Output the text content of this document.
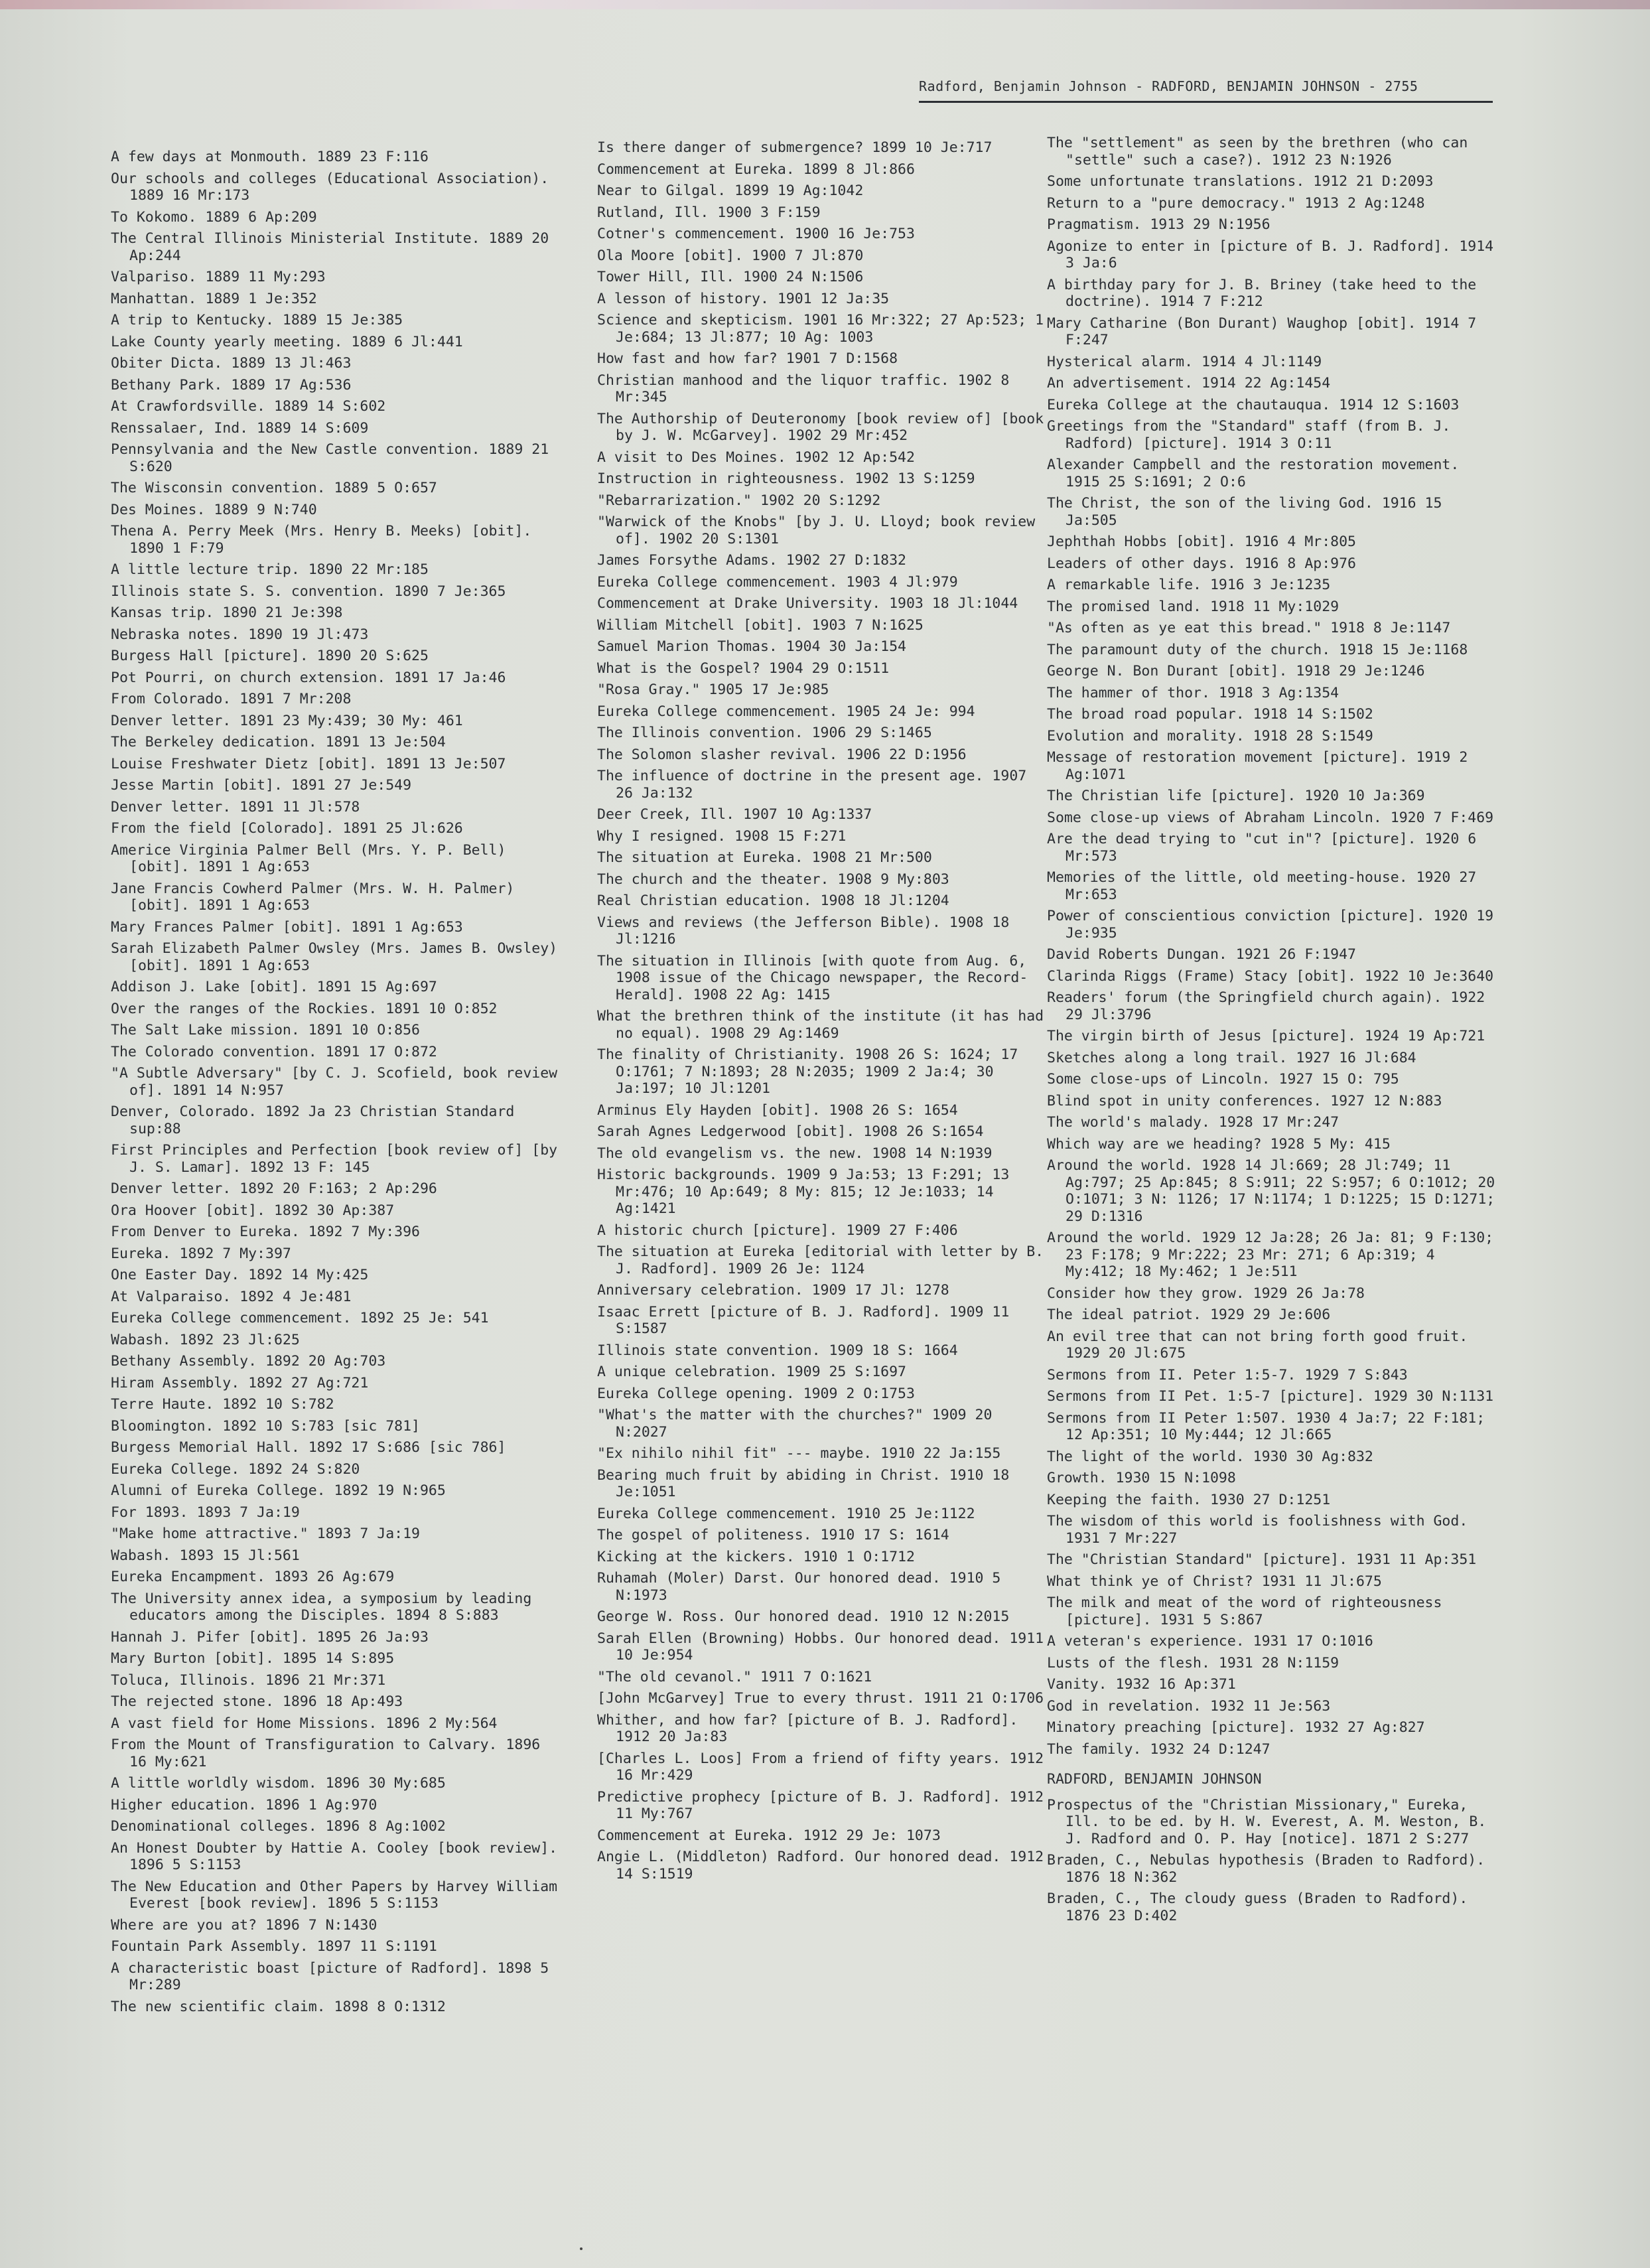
Radford, Benjamin Johnson - RADFORD, BENJAMIN JOHNSON - 2755
A few days at Monmouth. 1889 23 F:116
Our schools and colleges (Educational Association). 1889 16 Mr:173
To Kokomo. 1889 6 Ap:209
The Central Illinois Ministerial Institute. 1889 20 Ap:244
Valpariso. 1889 11 My:293
Manhattan. 1889 1 Je:352
A trip to Kentucky. 1889 15 Je:385
Lake County yearly meeting. 1889 6 Jl:441
Obiter Dicta. 1889 13 Jl:463
Bethany Park. 1889 17 Ag:536
At Crawfordsville. 1889 14 S:602
Renssalaer, Ind. 1889 14 S:609
Pennsylvania and the New Castle convention. 1889 21 S:620
The Wisconsin convention. 1889 5 O:657
Des Moines. 1889 9 N:740
Thena A. Perry Meek (Mrs. Henry B. Meeks) [obit]. 1890 1 F:79
A little lecture trip. 1890 22 Mr:185
Illinois state S. S. convention. 1890 7 Je:365
Kansas trip. 1890 21 Je:398
Nebraska notes. 1890 19 Jl:473
Burgess Hall [picture]. 1890 20 S:625
Pot Pourri, on church extension. 1891 17 Ja:46
From Colorado. 1891 7 Mr:208
Denver letter. 1891 23 My:439; 30 My: 461
The Berkeley dedication. 1891 13 Je:504
Louise Freshwater Dietz [obit]. 1891 13 Je:507
Jesse Martin [obit]. 1891 27 Je:549
Denver letter. 1891 11 Jl:578
From the field [Colorado]. 1891 25 Jl:626
Americe Virginia Palmer Bell (Mrs. Y. P. Bell) [obit]. 1891 1 Ag:653
Jane Francis Cowherd Palmer (Mrs. W. H. Palmer) [obit]. 1891 1 Ag:653
Mary Frances Palmer [obit]. 1891 1 Ag:653
Sarah Elizabeth Palmer Owsley (Mrs. James B. Owsley) [obit]. 1891 1 Ag:653
Addison J. Lake [obit]. 1891 15 Ag:697
Over the ranges of the Rockies. 1891 10 O:852
The Salt Lake mission. 1891 10 O:856
The Colorado convention. 1891 17 O:872
"A Subtle Adversary" [by C. J. Scofield, book review of]. 1891 14 N:957
Denver, Colorado. 1892 Ja 23 Christian Standard sup:88
First Principles and Perfection [book review of] [by J. S. Lamar]. 1892 13 F: 145
Denver letter. 1892 20 F:163; 2 Ap:296
Ora Hoover [obit]. 1892 30 Ap:387
From Denver to Eureka. 1892 7 My:396
Eureka. 1892 7 My:397
One Easter Day. 1892 14 My:425
At Valparaiso. 1892 4 Je:481
Eureka College commencement. 1892 25 Je: 541
Wabash. 1892 23 Jl:625
Bethany Assembly. 1892 20 Ag:703
Hiram Assembly. 1892 27 Ag:721
Terre Haute. 1892 10 S:782
Bloomington. 1892 10 S:783 [sic 781]
Burgess Memorial Hall. 1892 17 S:686 [sic 786]
Eureka College. 1892 24 S:820
Alumni of Eureka College. 1892 19 N:965
For 1893. 1893 7 Ja:19
"Make home attractive." 1893 7 Ja:19
Wabash. 1893 15 Jl:561
Eureka Encampment. 1893 26 Ag:679
The University annex idea, a symposium by leading educators among the Disciples. 1894 8 S:883
Hannah J. Pifer [obit]. 1895 26 Ja:93
Mary Burton [obit]. 1895 14 S:895
Toluca, Illinois. 1896 21 Mr:371
The rejected stone. 1896 18 Ap:493
A vast field for Home Missions. 1896 2 My:564
From the Mount of Transfiguration to Calvary. 1896 16 My:621
A little worldly wisdom. 1896 30 My:685
Higher education. 1896 1 Ag:970
Denominational colleges. 1896 8 Ag:1002
An Honest Doubter by Hattie A. Cooley [book review]. 1896 5 S:1153
The New Education and Other Papers by Harvey William Everest [book review]. 1896 5 S:1153
Where are you at? 1896 7 N:1430
Fountain Park Assembly. 1897 11 S:1191
A characteristic boast [picture of Radford]. 1898 5 Mr:289
The new scientific claim. 1898 8 O:1312
Is there danger of submergence? 1899 10 Je:717
Commencement at Eureka. 1899 8 Jl:866
Near to Gilgal. 1899 19 Ag:1042
Rutland, Ill. 1900 3 F:159
Cotner's commencement. 1900 16 Je:753
Ola Moore [obit]. 1900 7 Jl:870
Tower Hill, Ill. 1900 24 N:1506
A lesson of history. 1901 12 Ja:35
Science and skepticism. 1901 16 Mr:322; 27 Ap:523; 1 Je:684; 13 Jl:877; 10 Ag: 1003
How fast and how far? 1901 7 D:1568
Christian manhood and the liquor traffic. 1902 8 Mr:345
The Authorship of Deuteronomy [book review of] [book by J. W. McGarvey]. 1902 29 Mr:452
A visit to Des Moines. 1902 12 Ap:542
Instruction in righteousness. 1902 13 S:1259
"Rebarrarization." 1902 20 S:1292
"Warwick of the Knobs" [by J. U. Lloyd; book review of]. 1902 20 S:1301
James Forsythe Adams. 1902 27 D:1832
Eureka College commencement. 1903 4 Jl:979
Commencement at Drake University. 1903 18 Jl:1044
William Mitchell [obit]. 1903 7 N:1625
Samuel Marion Thomas. 1904 30 Ja:154
What is the Gospel? 1904 29 O:1511
"Rosa Gray." 1905 17 Je:985
Eureka College commencement. 1905 24 Je: 994
The Illinois convention. 1906 29 S:1465
The Solomon slasher revival. 1906 22 D:1956
The influence of doctrine in the present age. 1907 26 Ja:132
Deer Creek, Ill. 1907 10 Ag:1337
Why I resigned. 1908 15 F:271
The situation at Eureka. 1908 21 Mr:500
The church and the theater. 1908 9 My:803
Real Christian education. 1908 18 Jl:1204
Views and reviews (the Jefferson Bible). 1908 18 Jl:1216
The situation in Illinois [with quote from Aug. 6, 1908 issue of the Chicago newspaper, the Record-Herald]. 1908 22 Ag: 1415
What the brethren think of the institute (it has had no equal). 1908 29 Ag:1469
The finality of Christianity. 1908 26 S: 1624; 17 O:1761; 7 N:1893; 28 N:2035; 1909 2 Ja:4; 30 Ja:197; 10 Jl:1201
Arminus Ely Hayden [obit]. 1908 26 S: 1654
Sarah Agnes Ledgerwood [obit]. 1908 26 S:1654
The old evangelism vs. the new. 1908 14 N:1939
Historic backgrounds. 1909 9 Ja:53; 13 F:291; 13 Mr:476; 10 Ap:649; 8 My: 815; 12 Je:1033; 14 Ag:1421
A historic church [picture]. 1909 27 F:406
The situation at Eureka [editorial with letter by B. J. Radford]. 1909 26 Je: 1124
Anniversary celebration. 1909 17 Jl: 1278
Isaac Errett [picture of B. J. Radford]. 1909 11 S:1587
Illinois state convention. 1909 18 S: 1664
A unique celebration. 1909 25 S:1697
Eureka College opening. 1909 2 O:1753
"What's the matter with the churches?" 1909 20 N:2027
"Ex nihilo nihil fit" --- maybe. 1910 22 Ja:155
Bearing much fruit by abiding in Christ. 1910 18 Je:1051
Eureka College commencement. 1910 25 Je:1122
The gospel of politeness. 1910 17 S: 1614
Kicking at the kickers. 1910 1 O:1712
Ruhamah (Moler) Darst. Our honored dead. 1910 5 N:1973
George W. Ross. Our honored dead. 1910 12 N:2015
Sarah Ellen (Browning) Hobbs. Our honored dead. 1911 10 Je:954
"The old cevanol." 1911 7 O:1621
[John McGarvey] True to every thrust. 1911 21 O:1706
Whither, and how far? [picture of B. J. Radford]. 1912 20 Ja:83
[Charles L. Loos] From a friend of fifty years. 1912 16 Mr:429
Predictive prophecy [picture of B. J. Radford]. 1912 11 My:767
Commencement at Eureka. 1912 29 Je: 1073
Angie L. (Middleton) Radford. Our honored dead. 1912 14 S:1519
The "settlement" as seen by the brethren (who can "settle" such a case?). 1912 23 N:1926
Some unfortunate translations. 1912 21 D:2093
Return to a "pure democracy." 1913 2 Ag:1248
Pragmatism. 1913 29 N:1956
Agonize to enter in [picture of B. J. Radford]. 1914 3 Ja:6
A birthday pary for J. B. Briney (take heed to the doctrine). 1914 7 F:212
Mary Catharine (Bon Durant) Waughop [obit]. 1914 7 F:247
Hysterical alarm. 1914 4 Jl:1149
An advertisement. 1914 22 Ag:1454
Eureka College at the chautauqua. 1914 12 S:1603
Greetings from the "Standard" staff (from B. J. Radford) [picture]. 1914 3 O:11
Alexander Campbell and the restoration movement. 1915 25 S:1691; 2 O:6
The Christ, the son of the living God. 1916 15 Ja:505
Jephthah Hobbs [obit]. 1916 4 Mr:805
Leaders of other days. 1916 8 Ap:976
A remarkable life. 1916 3 Je:1235
The promised land. 1918 11 My:1029
"As often as ye eat this bread." 1918 8 Je:1147
The paramount duty of the church. 1918 15 Je:1168
George N. Bon Durant [obit]. 1918 29 Je:1246
The hammer of thor. 1918 3 Ag:1354
The broad road popular. 1918 14 S:1502
Evolution and morality. 1918 28 S:1549
Message of restoration movement [picture]. 1919 2 Ag:1071
The Christian life [picture]. 1920 10 Ja:369
Some close-up views of Abraham Lincoln. 1920 7 F:469
Are the dead trying to "cut in"? [picture]. 1920 6 Mr:573
Memories of the little, old meeting-house. 1920 27 Mr:653
Power of conscientious conviction [picture]. 1920 19 Je:935
David Roberts Dungan. 1921 26 F:1947
Clarinda Riggs (Frame) Stacy [obit]. 1922 10 Je:3640
Readers' forum (the Springfield church again). 1922 29 Jl:3796
The virgin birth of Jesus [picture]. 1924 19 Ap:721
Sketches along a long trail. 1927 16 Jl:684
Some close-ups of Lincoln. 1927 15 O: 795
Blind spot in unity conferences. 1927 12 N:883
The world's malady. 1928 17 Mr:247
Which way are we heading? 1928 5 My: 415
Around the world. 1928 14 Jl:669; 28 Jl:749; 11 Ag:797; 25 Ap:845; 8 S:911; 22 S:957; 6 O:1012; 20 O:1071; 3 N: 1126; 17 N:1174; 1 D:1225; 15 D:1271; 29 D:1316
Around the world. 1929 12 Ja:28; 26 Ja: 81; 9 F:130; 23 F:178; 9 Mr:222; 23 Mr: 271; 6 Ap:319; 4 My:412; 18 My:462; 1 Je:511
Consider how they grow. 1929 26 Ja:78
The ideal patriot. 1929 29 Je:606
An evil tree that can not bring forth good fruit. 1929 20 Jl:675
Sermons from II. Peter 1:5-7. 1929 7 S:843
Sermons from II Pet. 1:5-7 [picture]. 1929 30 N:1131
Sermons from II Peter 1:507. 1930 4 Ja:7; 22 F:181; 12 Ap:351; 10 My:444; 12 Jl:665
The light of the world. 1930 30 Ag:832
Growth. 1930 15 N:1098
Keeping the faith. 1930 27 D:1251
The wisdom of this world is foolishness with God. 1931 7 Mr:227
The "Christian Standard" [picture]. 1931 11 Ap:351
What think ye of Christ? 1931 11 Jl:675
The milk and meat of the word of righteousness [picture]. 1931 5 S:867
A veteran's experience. 1931 17 O:1016
Lusts of the flesh. 1931 28 N:1159
Vanity. 1932 16 Ap:371
God in revelation. 1932 11 Je:563
Minatory preaching [picture]. 1932 27 Ag:827
The family. 1932 24 D:1247
RADFORD, BENJAMIN JOHNSON
Prospectus of the "Christian Missionary," Eureka, Ill. to be ed. by H. W. Everest, A. M. Weston, B. J. Radford and O. P. Hay [notice]. 1871 2 S:277
Braden, C., Nebulas hypothesis (Braden to Radford). 1876 18 N:362
Braden, C., The cloudy guess (Braden to Radford). 1876 23 D:402
